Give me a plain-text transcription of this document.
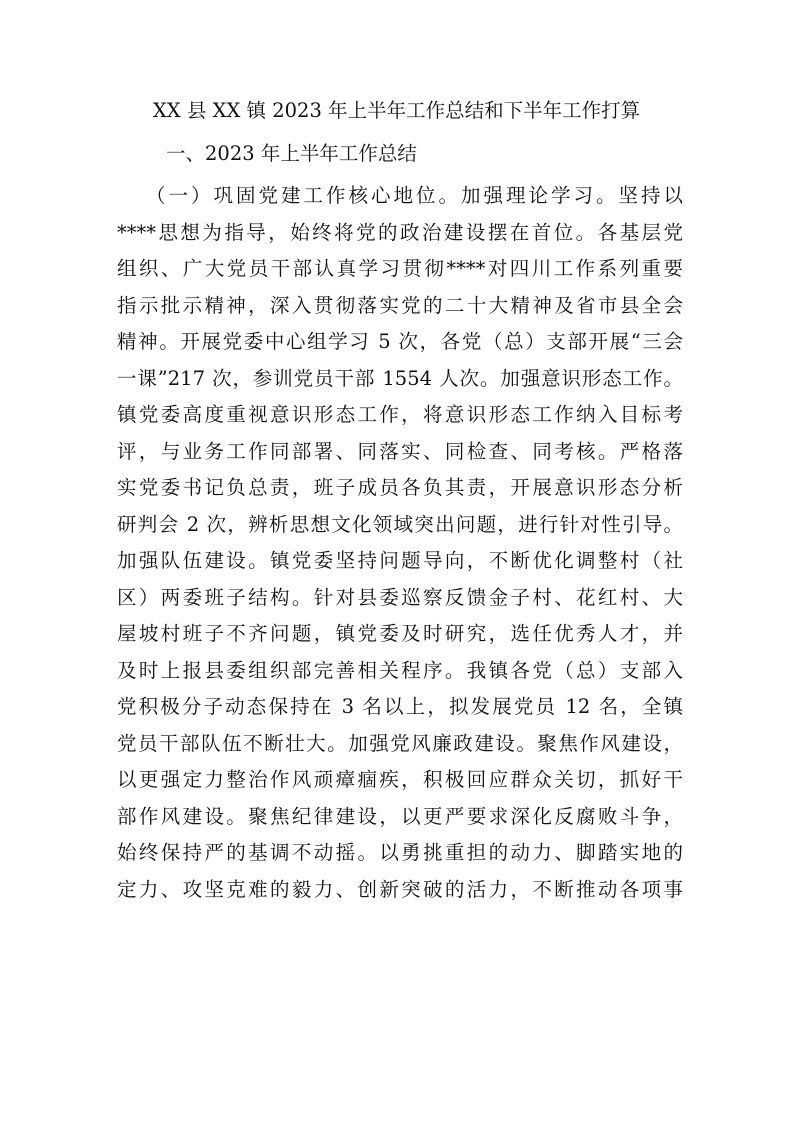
XX 县 XX 镇 2023 年上半年工作总结和下半年工作打算
一、2023 年上半年工作总结
（一）巩固党建工作核心地位。加强理论学习。坚持以
****思想为指导，始终将党的政治建设摆在首位。各基层党
组织、广大党员干部认真学习贯彻****对四川工作系列重要
指示批示精神，深入贯彻落实党的二十大精神及省市县全会
精神。开展党委中心组学习 5 次，各党（总）支部开展“三会
一课”217 次，参训党员干部 1554 人次。加强意识形态工作。
镇党委高度重视意识形态工作，将意识形态工作纳入目标考
评，与业务工作同部署、同落实、同检查、同考核。严格落
实党委书记负总责，班子成员各负其责，开展意识形态分析
研判会 2 次，辨析思想文化领域突出问题，进行针对性引导。
加强队伍建设。镇党委坚持问题导向，不断优化调整村（社
区）两委班子结构。针对县委巡察反馈金子村、花红村、大
屋坡村班子不齐问题，镇党委及时研究，选任优秀人才，并
及时上报县委组织部完善相关程序。我镇各党（总）支部入
党积极分子动态保持在 3 名以上，拟发展党员 12 名，全镇
党员干部队伍不断壮大。加强党风廉政建设。聚焦作风建设，
以更强定力整治作风顽瘴痼疾，积极回应群众关切，抓好干
部作风建设。聚焦纪律建设，以更严要求深化反腐败斗争，
始终保持严的基调不动摇。以勇挑重担的动力、脚踏实地的
定力、攻坚克难的毅力、创新突破的活力，不断推动各项事
